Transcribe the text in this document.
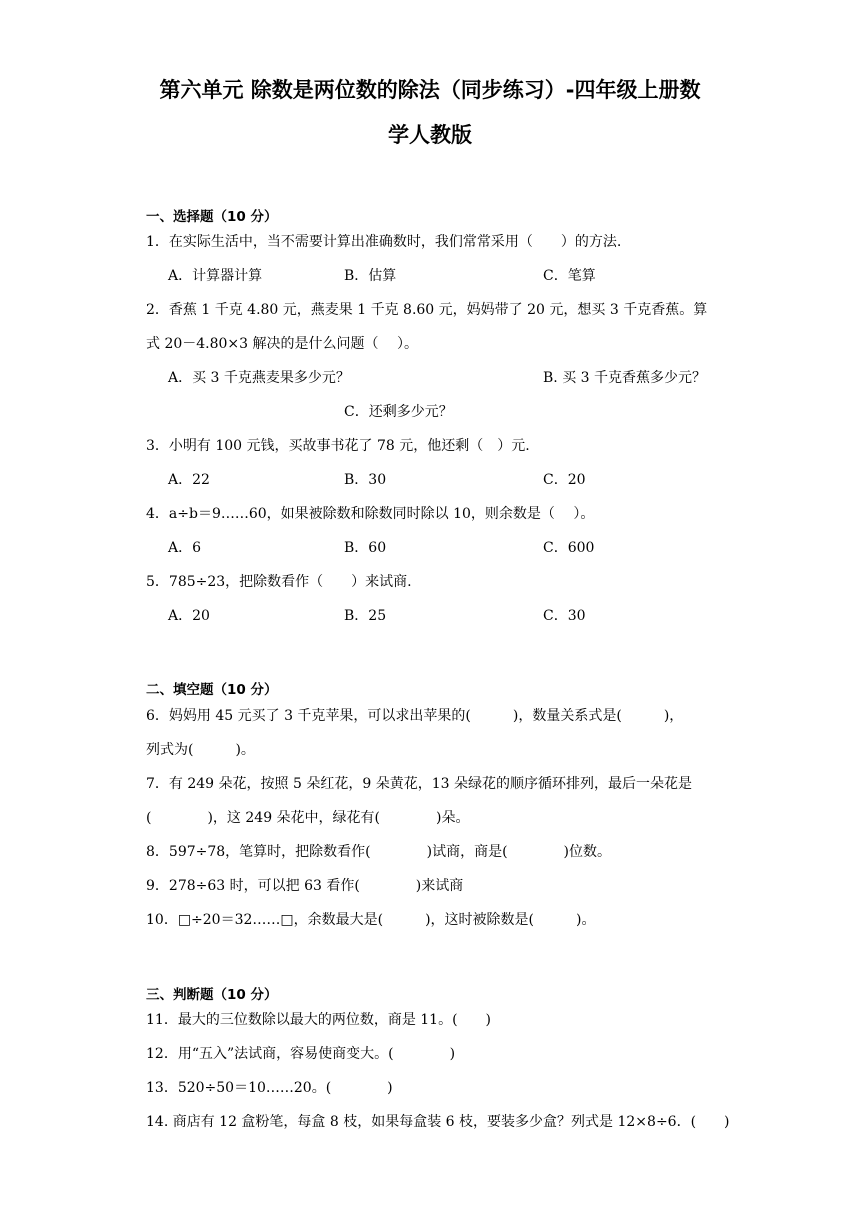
第六单元 除数是两位数的除法（同步练习）-四年级上册数
学人教版
一、选择题（10 分）
1．在实际生活中，当不需要计算出准确数时，我们常常采用（　　）的方法.
A．计算器计算	B．估算	C．笔算
2．香蕉 1 千克 4.80 元，燕麦果 1 千克 8.60 元，妈妈带了 20 元，想买 3 千克香蕉。算
式 20－4.80×3 解决的是什么问题（　 ）。
A．买 3 千克燕麦果多少元？	B. 买 3 千克香蕉多少元？
C．还剩多少元？
3．小明有 100 元钱，买故事书花了 78 元，他还剩（　）元.
A．22	B．30	C．20
4．a÷b＝9……60，如果被除数和除数同时除以 10，则余数是（　 ）。
A．6	B．60	C．600
5．785÷23，把除数看作（　　）来试商.
A．20	B．25	C．30
二、填空题（10 分）
6．妈妈用 45 元买了 3 千克苹果，可以求出苹果的(　　　)，数量关系式是(　　　)，
列式为(　　　)。
7．有 249 朵花，按照 5 朵红花，9 朵黄花，13 朵绿花的顺序循环排列，最后一朵花是
(　　　　)，这 249 朵花中，绿花有(　　　　)朵。
8．597÷78，笔算时，把除数看作(　　　　)试商，商是(　　　　)位数。
9．278÷63 时，可以把 63 看作(　　　　)来试商
10．□÷20＝32……□，余数最大是(　　　)，这时被除数是(　　　)。
三、判断题（10 分）
11．最大的三位数除以最大的两位数，商是 11。(　　)
12．用“五入”法试商，容易使商变大。(　　　　)
13．520÷50＝10……20。(　　　　)
14. 商店有 12 盒粉笔，每盒 8 枝，如果每盒装 6 枝，要装多少盒？列式是 12×8÷6．(　　)
